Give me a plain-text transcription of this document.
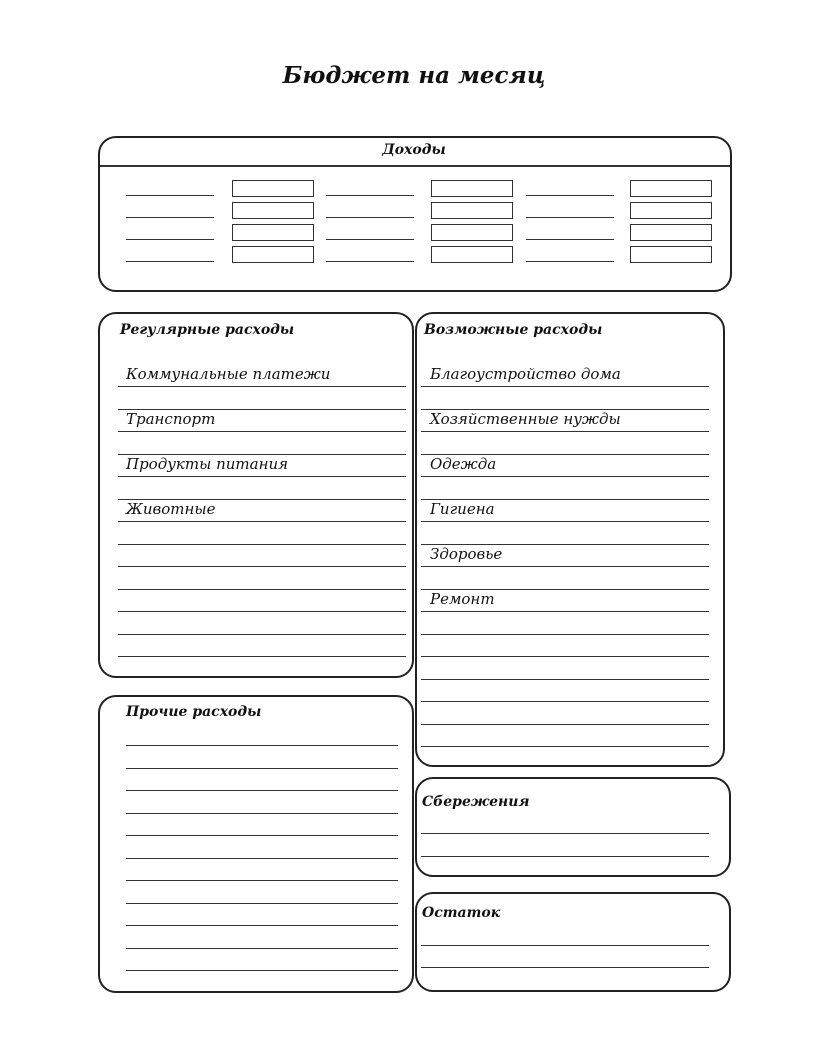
Бюджет на месяц
Доходы
Регулярные расходы
Коммунальные платежи
Транспорт
Продукты питания
Животные
Возможные расходы
Благоустройство дома
Хозяйственные нужды
Одежда
Гигиена
Здоровье
Ремонт
Прочие расходы
Сбережения
Остаток
